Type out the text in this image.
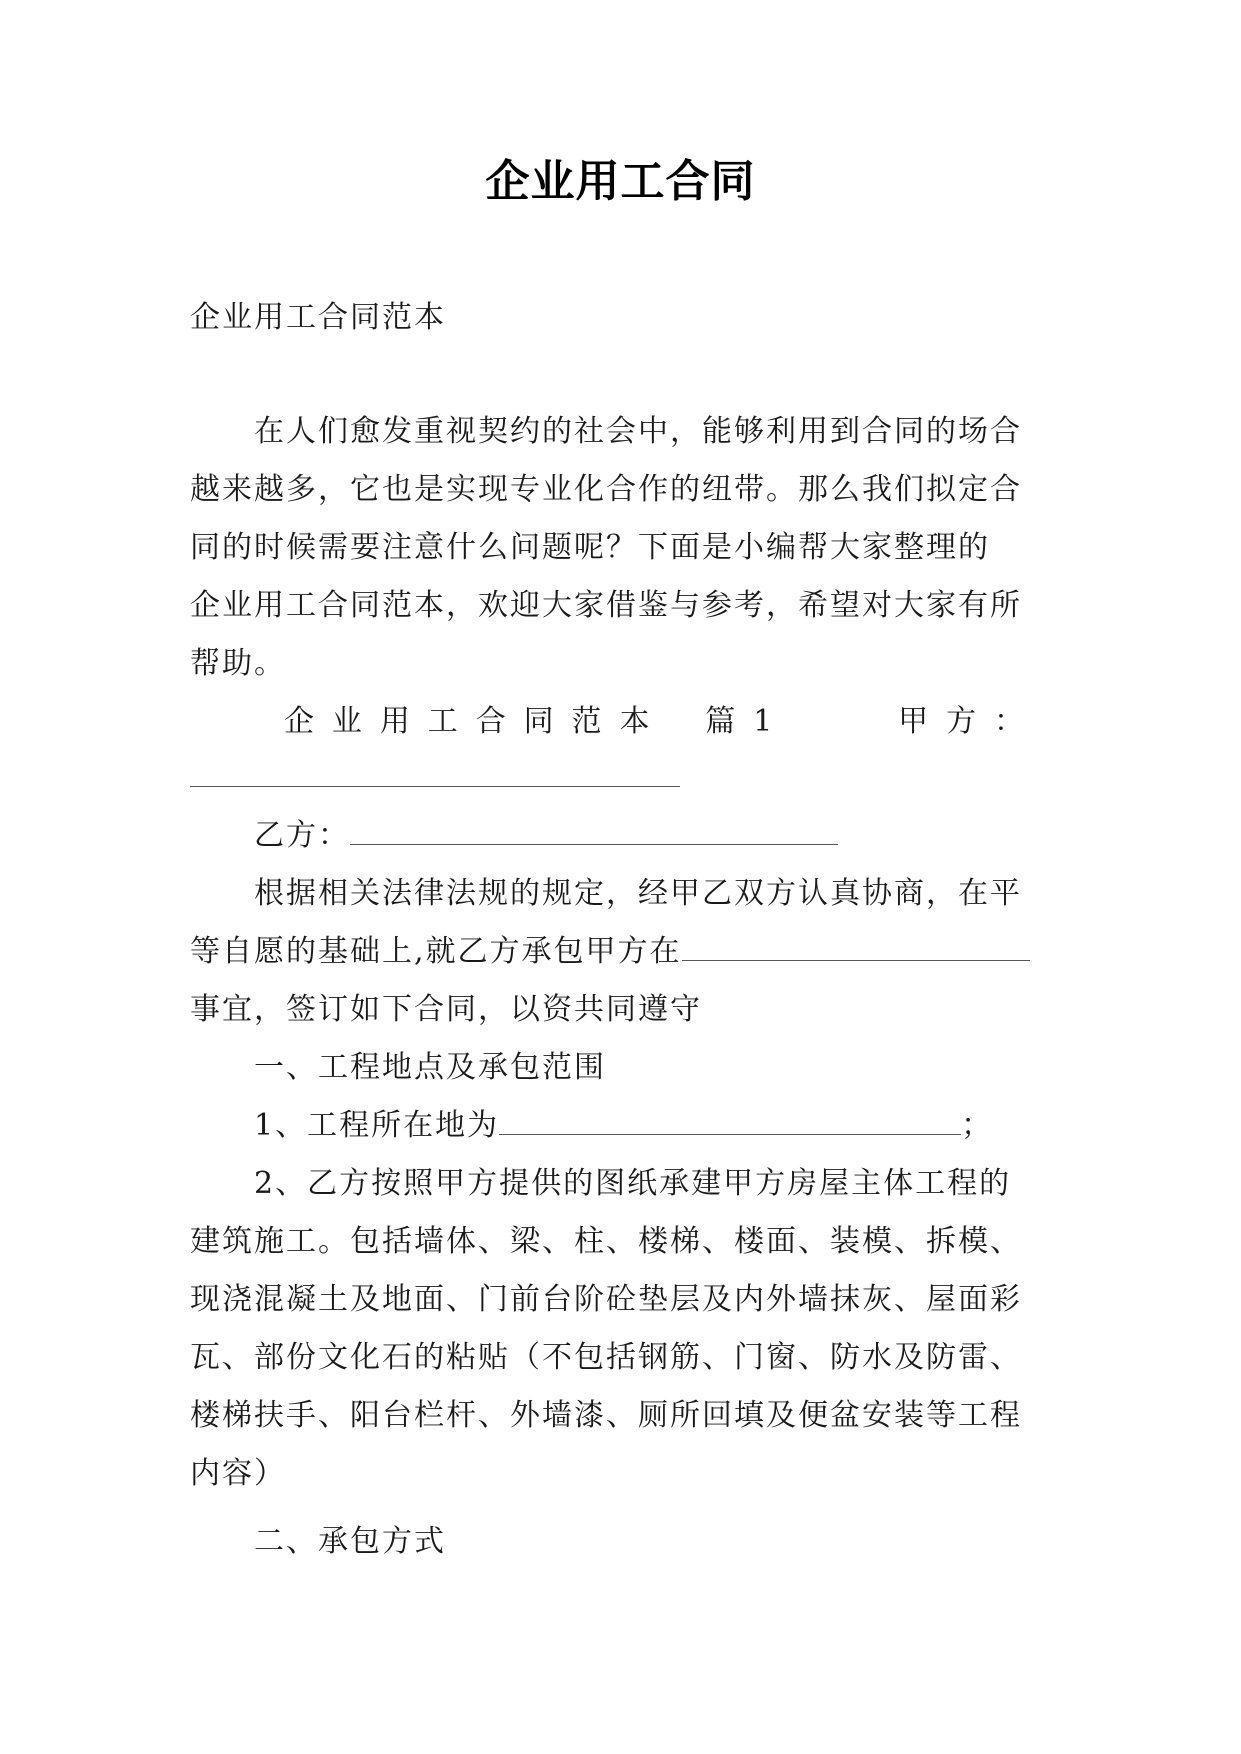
企业用工合同
企业用工合同范本
在人们愈发重视契约的社会中，能够利用到合同的场合
越来越多，它也是实现专业化合作的纽带。那么我们拟定合
同的时候需要注意什么问题呢？下面是小编帮大家整理的
企业用工合同范本，欢迎大家借鉴与参考，希望对大家有所
帮助。
企 业 用 工 合 同 范 本 篇 1	甲 方 ：
乙方：
根据相关法律法规的规定，经甲乙双方认真协商，在平
等自愿的基础上,就乙方承包甲方在
事宜，签订如下合同，以资共同遵守
一、工程地点及承包范围
1、工程所在地为	；
2、乙方按照甲方提供的图纸承建甲方房屋主体工程的
建筑施工。包括墙体、梁、柱、楼梯、楼面、装模、拆模、
现浇混凝土及地面、门前台阶砼垫层及内外墙抹灰、屋面彩
瓦、部份文化石的粘贴（不包括钢筋、门窗、防水及防雷、
楼梯扶手、阳台栏杆、外墙漆、厕所回填及便盆安装等工程
内容）
二、承包方式
